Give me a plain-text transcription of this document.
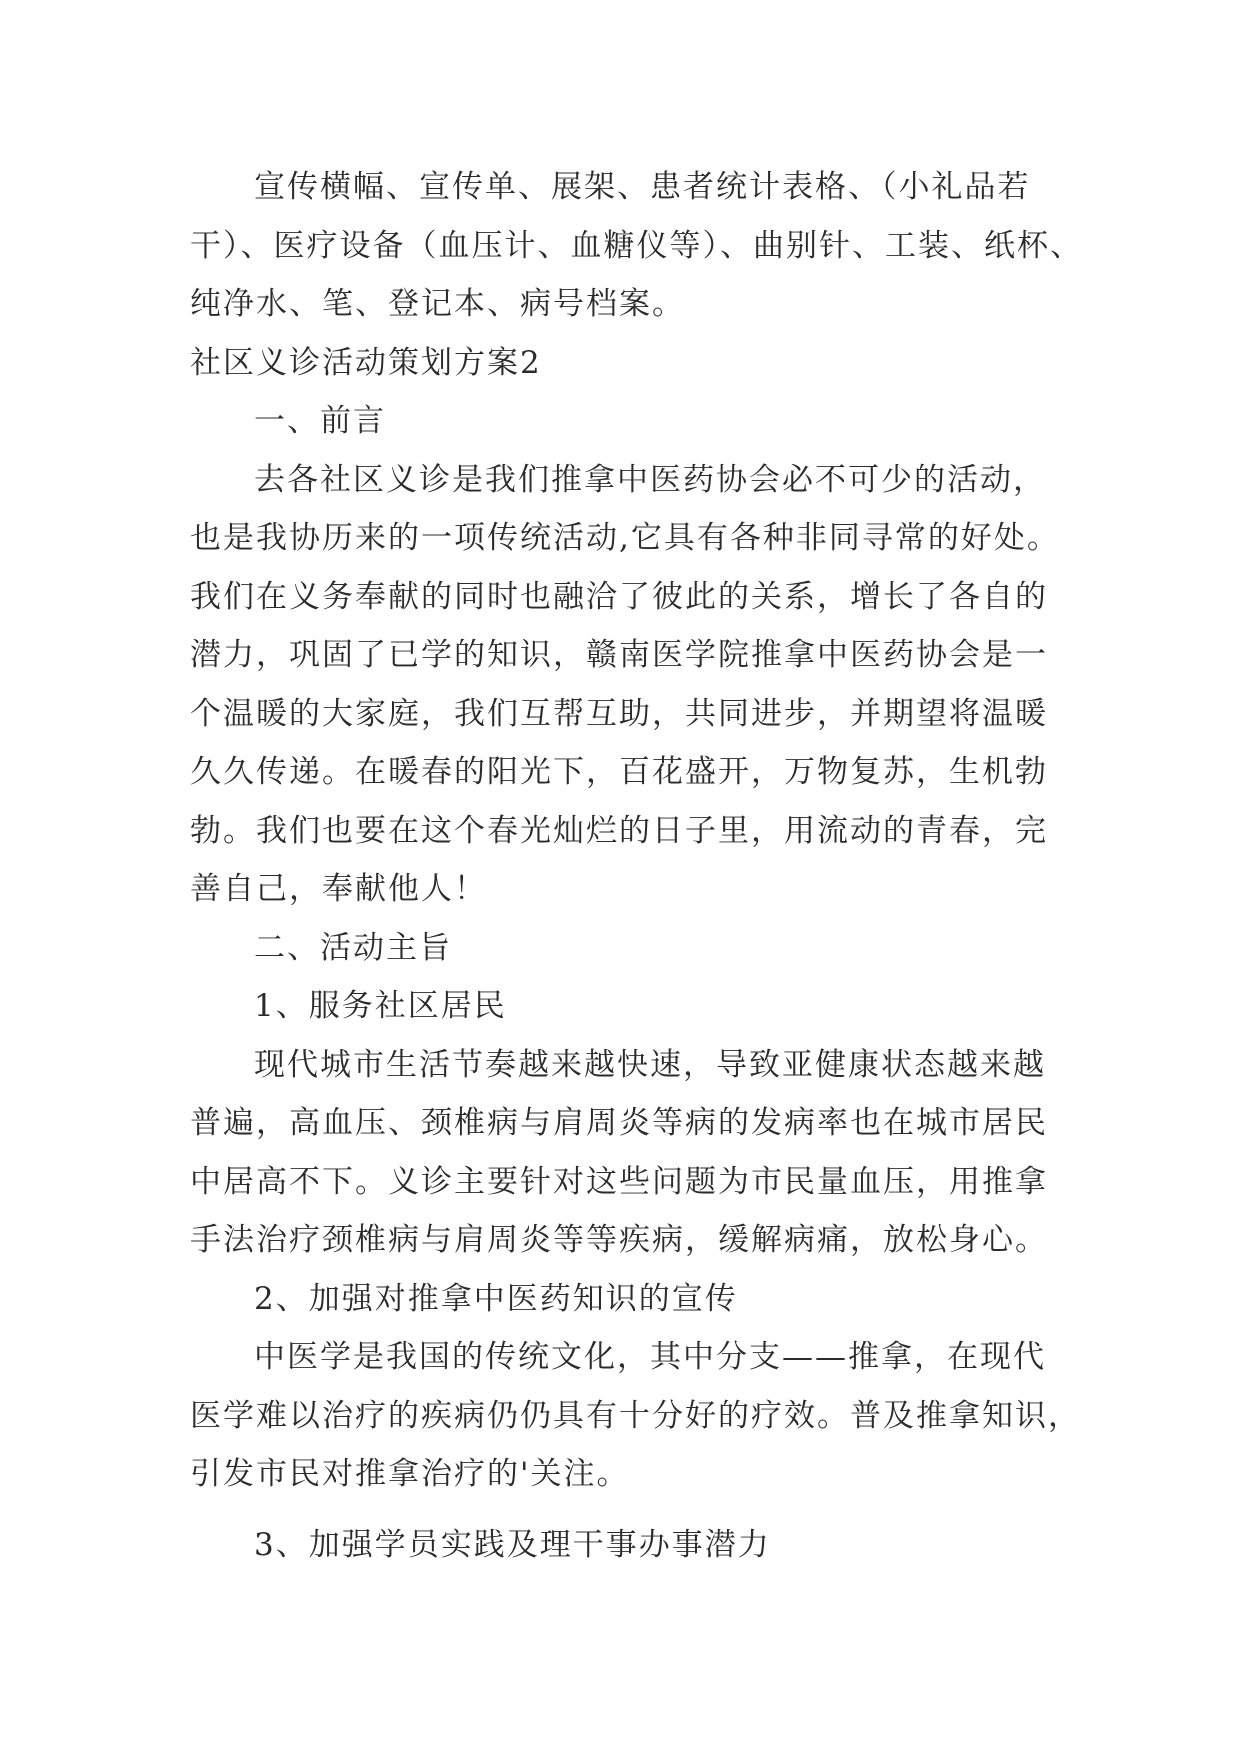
宣传横幅、宣传单、展架、患者统计表格、（小礼品若

干）、医疗设备（血压计、血糖仪等）、曲别针、工装、纸杯、

纯净水、笔、登记本、病号档案。

社区义诊活动策划方案2

一、前言

去各社区义诊是我们推拿中医药协会必不可少的活动，

也是我协历来的一项传统活动,它具有各种非同寻常的好处。

我们在义务奉献的同时也融洽了彼此的关系，增长了各自的

潜力，巩固了已学的知识，赣南医学院推拿中医药协会是一

个温暖的大家庭，我们互帮互助，共同进步，并期望将温暖

久久传递。在暖春的阳光下，百花盛开，万物复苏，生机勃

勃。我们也要在这个春光灿烂的日子里，用流动的青春，完

善自己，奉献他人！

二、活动主旨

1、服务社区居民

现代城市生活节奏越来越快速，导致亚健康状态越来越

普遍，高血压、颈椎病与肩周炎等病的发病率也在城市居民

中居高不下。义诊主要针对这些问题为市民量血压，用推拿

手法治疗颈椎病与肩周炎等等疾病，缓解病痛，放松身心。

2、加强对推拿中医药知识的宣传

中医学是我国的传统文化，其中分支——推拿，在现代

医学难以治疗的疾病仍仍具有十分好的疗效。普及推拿知识，

引发市民对推拿治疗的'关注。

3、加强学员实践及理干事办事潜力
